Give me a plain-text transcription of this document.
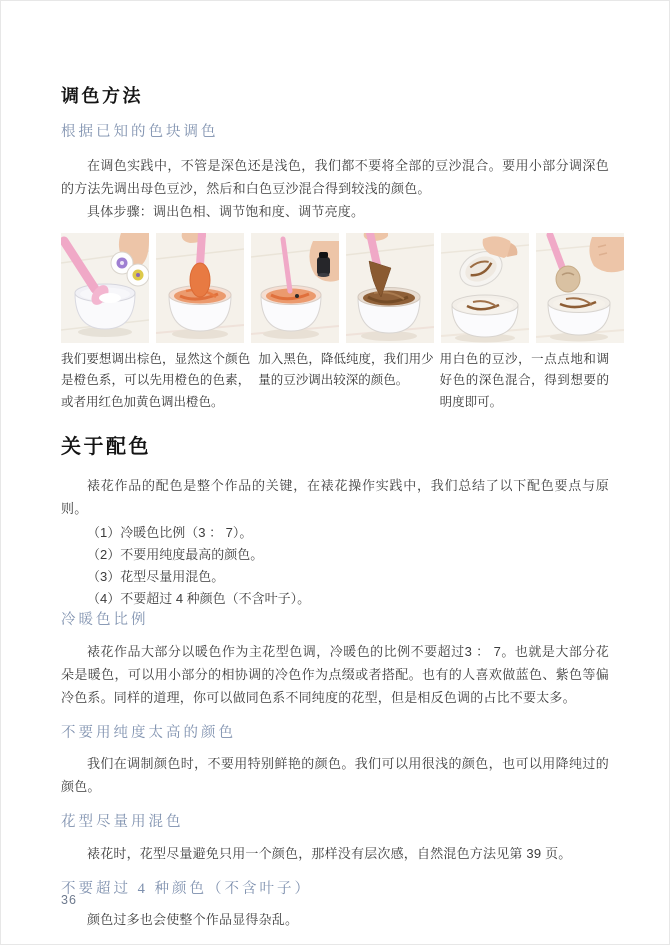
调色方法
根据已知的色块调色

在调色实践中，不管是深色还是浅色，我们都不要将全部的豆沙混合。要用小部分调深色的方法先调出母色豆沙，然后和白色豆沙混合得到较浅的颜色。

具体步骤：调出色相、调节饱和度、调节亮度。

我们要想调出棕色，显然这个颜色是橙色系，可以先用橙色的色素，或者用红色加黄色调出橙色。

加入黑色，降低纯度，我们用少量的豆沙调出较深的颜色。

用白色的豆沙，一点点地和调好色的深色混合，得到想要的明度即可。

关于配色

裱花作品的配色是整个作品的关键，在裱花操作实践中，我们总结了以下配色要点与原则。

（1）冷暖色比例（3 ： 7）。

（2）不要用纯度最高的颜色。

（3）花型尽量用混色。

（4）不要超过 4 种颜色（不含叶子）。

冷暖色比例

裱花作品大部分以暖色作为主花型色调，冷暖色的比例不要超过3 ： 7。也就是大部分花朵是暖色，可以用小部分的相协调的冷色作为点缀或者搭配。也有的人喜欢做蓝色、紫色等偏冷色系。同样的道理，你可以做同色系不同纯度的花型，但是相反色调的占比不要太多。

不要用纯度太高的颜色

我们在调制颜色时，不要用特别鲜艳的颜色。我们可以用很浅的颜色，也可以用降纯过的颜色。

花型尽量用混色

裱花时，花型尽量避免只用一个颜色，那样没有层次感，自然混色方法见第 39 页。

不要超过 4 种颜色（不含叶子）

颜色过多也会使整个作品显得杂乱。

36
